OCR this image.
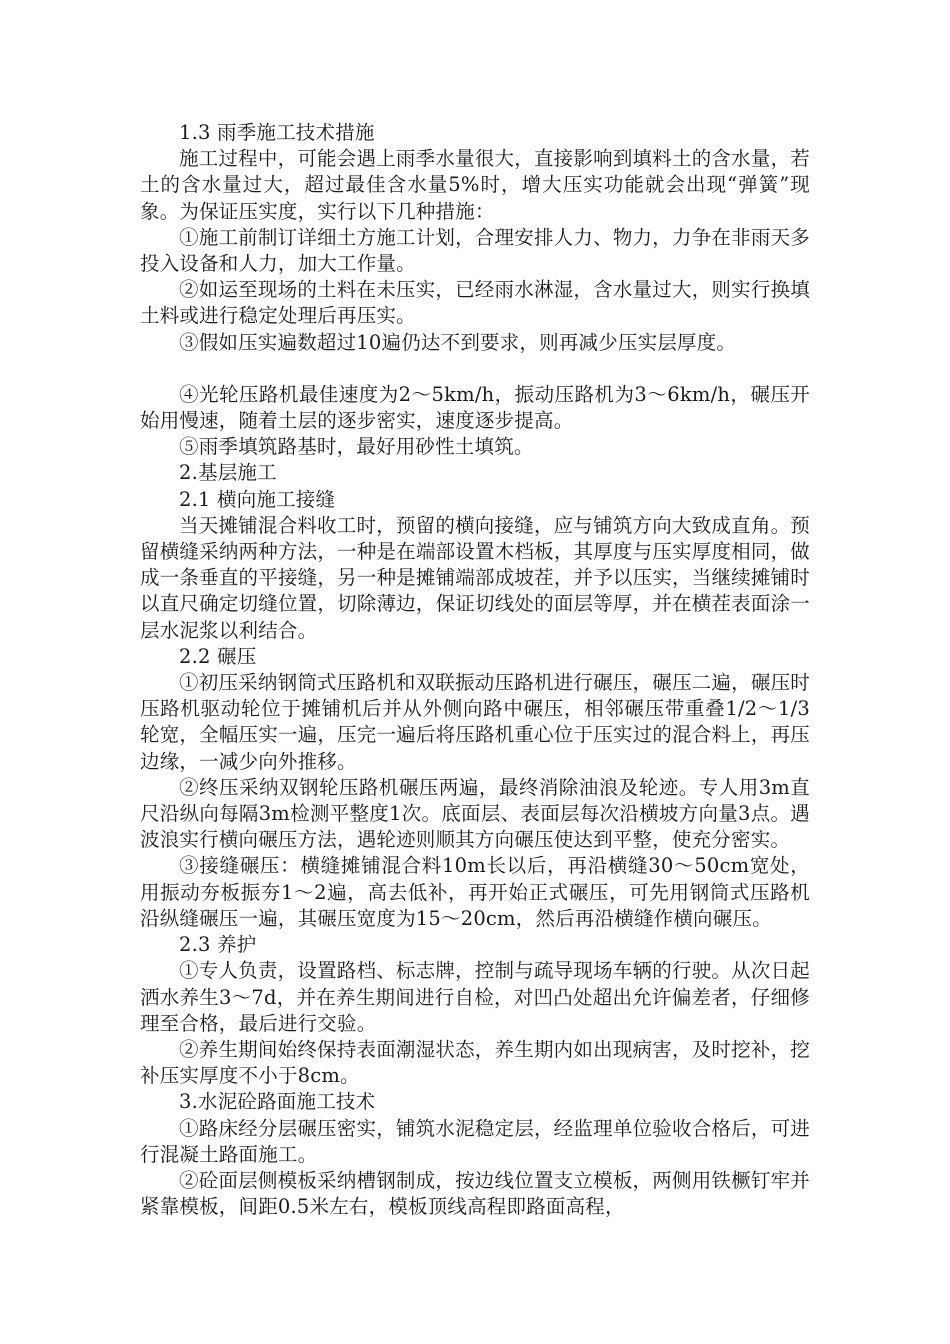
1.3 雨季施工技术措施

施工过程中，可能会遇上雨季水量很大，直接影响到填料土的含水量，若土的含水量过大，超过最佳含水量5%时，增大压实功能就会出现“弹簧”现象。为保证压实度，实行以下几种措施：

①施工前制订详细土方施工计划，合理安排人力、物力，力争在非雨天多投入设备和人力，加大工作量。

②如运至现场的土料在未压实，已经雨水淋湿，含水量过大，则实行换填土料或进行稳定处理后再压实。

③假如压实遍数超过10遍仍达不到要求，则再减少压实层厚度。

④光轮压路机最佳速度为2～5km/h，振动压路机为3～6km/h，碾压开始用慢速，随着土层的逐步密实，速度逐步提高。

⑤雨季填筑路基时，最好用砂性土填筑。

2.基层施工

2.1 横向施工接缝

当天摊铺混合料收工时，预留的横向接缝，应与铺筑方向大致成直角。预留横缝采纳两种方法，一种是在端部设置木档板，其厚度与压实厚度相同，做成一条垂直的平接缝，另一种是摊铺端部成坡茬，并予以压实，当继续摊铺时以直尺确定切缝位置，切除薄边，保证切线处的面层等厚，并在横茬表面涂一层水泥浆以利结合。

2.2 碾压

①初压采纳钢筒式压路机和双联振动压路机进行碾压，碾压二遍，碾压时压路机驱动轮位于摊铺机后并从外侧向路中碾压，相邻碾压带重叠1/2～1/3轮宽，全幅压实一遍，压完一遍后将压路机重心位于压实过的混合料上，再压边缘，一减少向外推移。

②终压采纳双钢轮压路机碾压两遍，最终消除油浪及轮迹。专人用3m直尺沿纵向每隔3m检测平整度1次。底面层、表面层每次沿横坡方向量3点。遇波浪实行横向碾压方法，遇轮迹则顺其方向碾压使达到平整，使充分密实。

③接缝碾压：横缝摊铺混合料10m长以后，再沿横缝30～50cm宽处，用振动夯板振夯1～2遍，高去低补，再开始正式碾压，可先用钢筒式压路机沿纵缝碾压一遍，其碾压宽度为15～20cm，然后再沿横缝作横向碾压。

2.3 养护

①专人负责，设置路档、标志牌，控制与疏导现场车辆的行驶。从次日起洒水养生3～7d，并在养生期间进行自检，对凹凸处超出允许偏差者，仔细修理至合格，最后进行交验。

②养生期间始终保持表面潮湿状态，养生期内如出现病害，及时挖补，挖补压实厚度不小于8cm。

3.水泥砼路面施工技术

①路床经分层碾压密实，铺筑水泥稳定层，经监理单位验收合格后，可进行混凝土路面施工。

②砼面层侧模板采纳槽钢制成，按边线位置支立模板，两侧用铁橛钉牢并紧靠模板，间距0.5米左右，模板顶线高程即路面高程，
